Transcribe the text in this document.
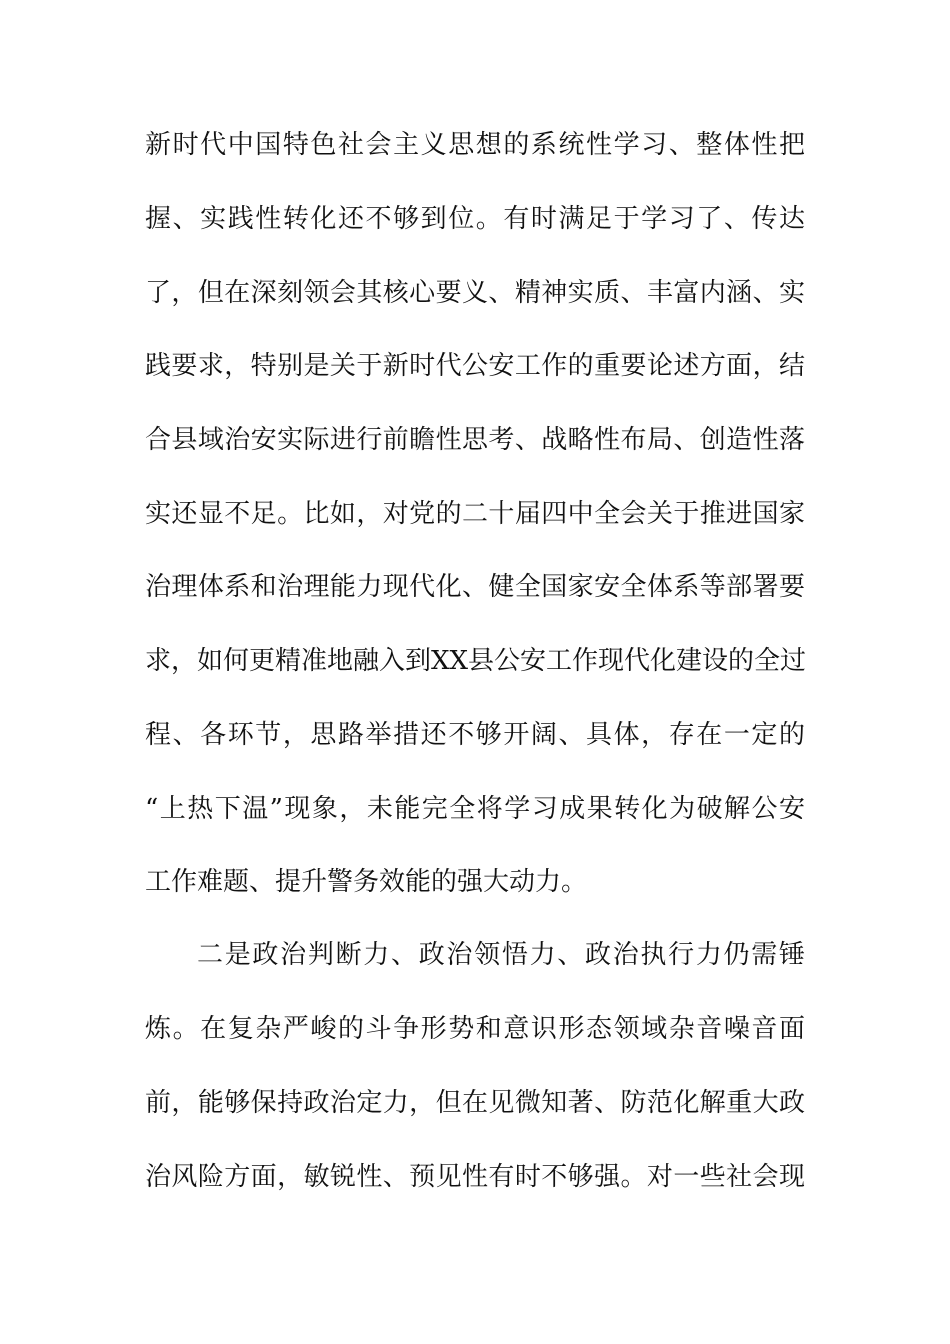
新时代中国特色社会主义思想的系统性学习、整体性把
握、实践性转化还不够到位。有时满足于学习了、传达
了，但在深刻领会其核心要义、精神实质、丰富内涵、实
践要求，特别是关于新时代公安工作的重要论述方面，结
合县域治安实际进行前瞻性思考、战略性布局、创造性落
实还显不足。比如，对党的二十届四中全会关于推进国家
治理体系和治理能力现代化、健全国家安全体系等部署要
求，如何更精准地融入到XX县公安工作现代化建设的全过
程、各环节，思路举措还不够开阔、具体，存在一定的
“上热下温”现象，未能完全将学习成果转化为破解公安
工作难题、提升警务效能的强大动力。
二是政治判断力、政治领悟力、政治执行力仍需锤
炼。在复杂严峻的斗争形势和意识形态领域杂音噪音面
前，能够保持政治定力，但在见微知著、防范化解重大政
治风险方面，敏锐性、预见性有时不够强。对一些社会现
